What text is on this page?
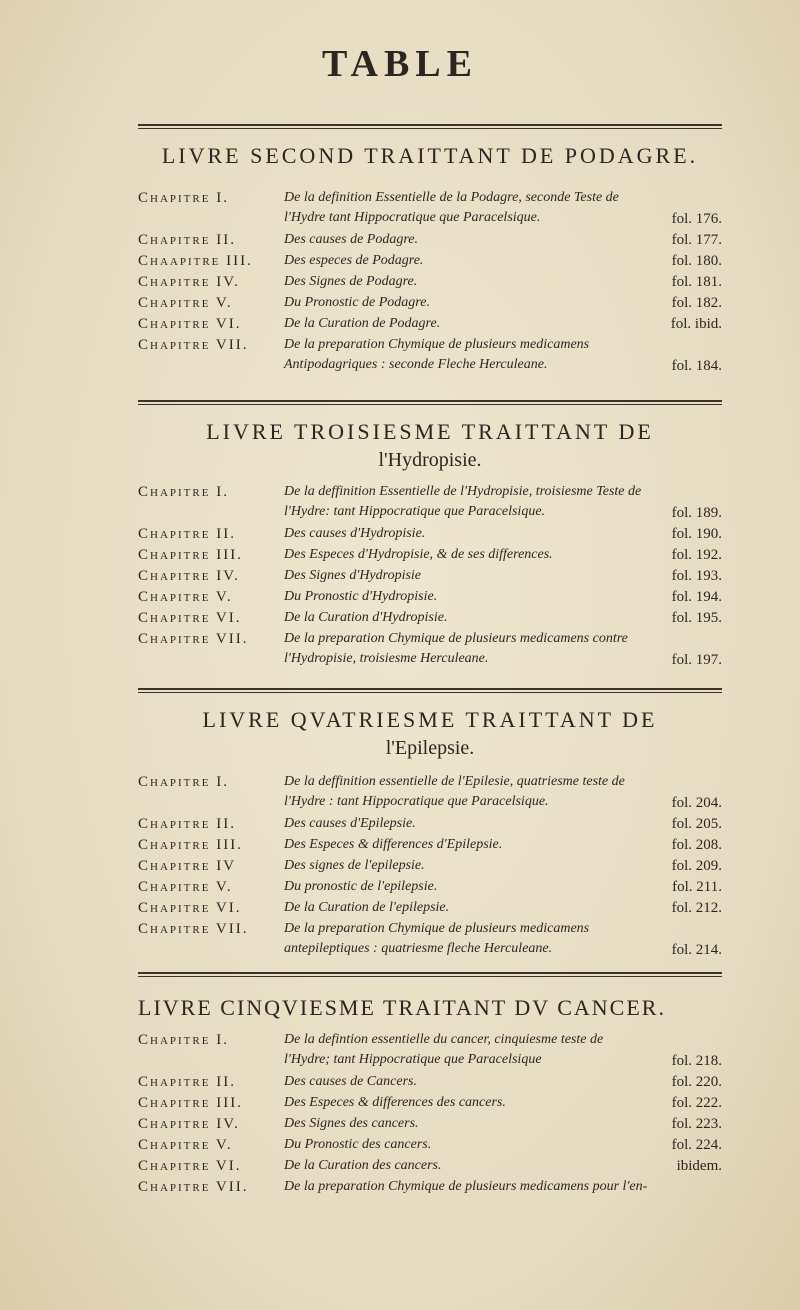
TABLE
LIVRE SECOND TRAITTANT DE PODAGRE.
Chapitre I.	De la definition Essentielle de la Podagre, seconde Teste de l'Hydre tant Hippocratique que Paracelsique.	fol. 176.
Chapitre II.	Des causes de Podagre.	fol. 177.
Chaapitre III. Des especes de Podagre.	fol. 180.
Chapitre IV.	Des Signes de Podagre.	fol. 181.
Chapitre V.	Du Pronostic de Podagre.	fol. 182.
Chapitre VI.	De la Curation de Podagre.	fol. ibid.
Chapitre VII.	De la preparation Chymique de plusieurs medicamens Antipodagriques : seconde Fleche Herculeane.	fol. 184.
LIVRE TROISIESME TRAITTANT DE
l'Hydropisie.
Chapitre I.	De la deffinition Essentielle de l'Hydropisie, troisiesme Teste de l'Hydre: tant Hippocratique que Paracelsique.	fol. 189.
Chapitre II.	Des causes d'Hydropisie.	fol. 190.
Chapitre III.	Des Especes d'Hydropisie, & de ses differences.	fol. 192.
Chapitre IV.	Des Signes d'Hydropisie	fol. 193.
Chapitre V.	Du Pronostic d'Hydropisie.	fol. 194.
Chapitre VI.	De la Curation d'Hydropisie.	fol. 195.
Chapitre VII.	De la preparation Chymique de plusieurs medicamens contre l'Hydropisie, troisiesme Herculeane.	fol. 197.
LIVRE QVATRIESME TRAITTANT DE
l'Epilepsie.
Chapitre I.	De la deffinition essentielle de l'Epilesie, quatriesme teste de l'Hydre : tant Hippocratique que Paracelsique.	fol. 204.
Chapitre II.	Des causes d'Epilepsie.	fol. 205.
Chapitre III.	Des Especes & differences d'Epilepsie.	fol. 208.
Chapitre IV	Des signes de l'epilepsie.	fol. 209.
Chapitre V.	Du pronostic de l'epilepsie.	fol. 211.
Chapitre VI.	De la Curation de l'epilepsie.	fol. 212.
Chapitre VII.	De la preparation Chymique de plusieurs medicamens antepileptiques : quatriesme fleche Herculeane.	fol. 214.
LIVRE CINQVIESME TRAITANT DV CANCER.
Chapitre I.	De la defintion essentielle du cancer, cinquiesme teste de l'Hydre; tant Hippocratique que Paracelsique	fol. 218.
Chapitre II.	Des causes de Cancers.	fol. 220.
Chapitre III.	Des Especes & differences des cancers.	fol. 222.
Chapitre IV.	Des Signes des cancers.	fol. 223.
Chapitre V.	Du Pronostic des cancers.	fol. 224.
Chapitre VI.	De la Curation des cancers.	ibidem.
Chapitre VII.	De la preparation Chymique de plusieurs medicamens pour l'en-
